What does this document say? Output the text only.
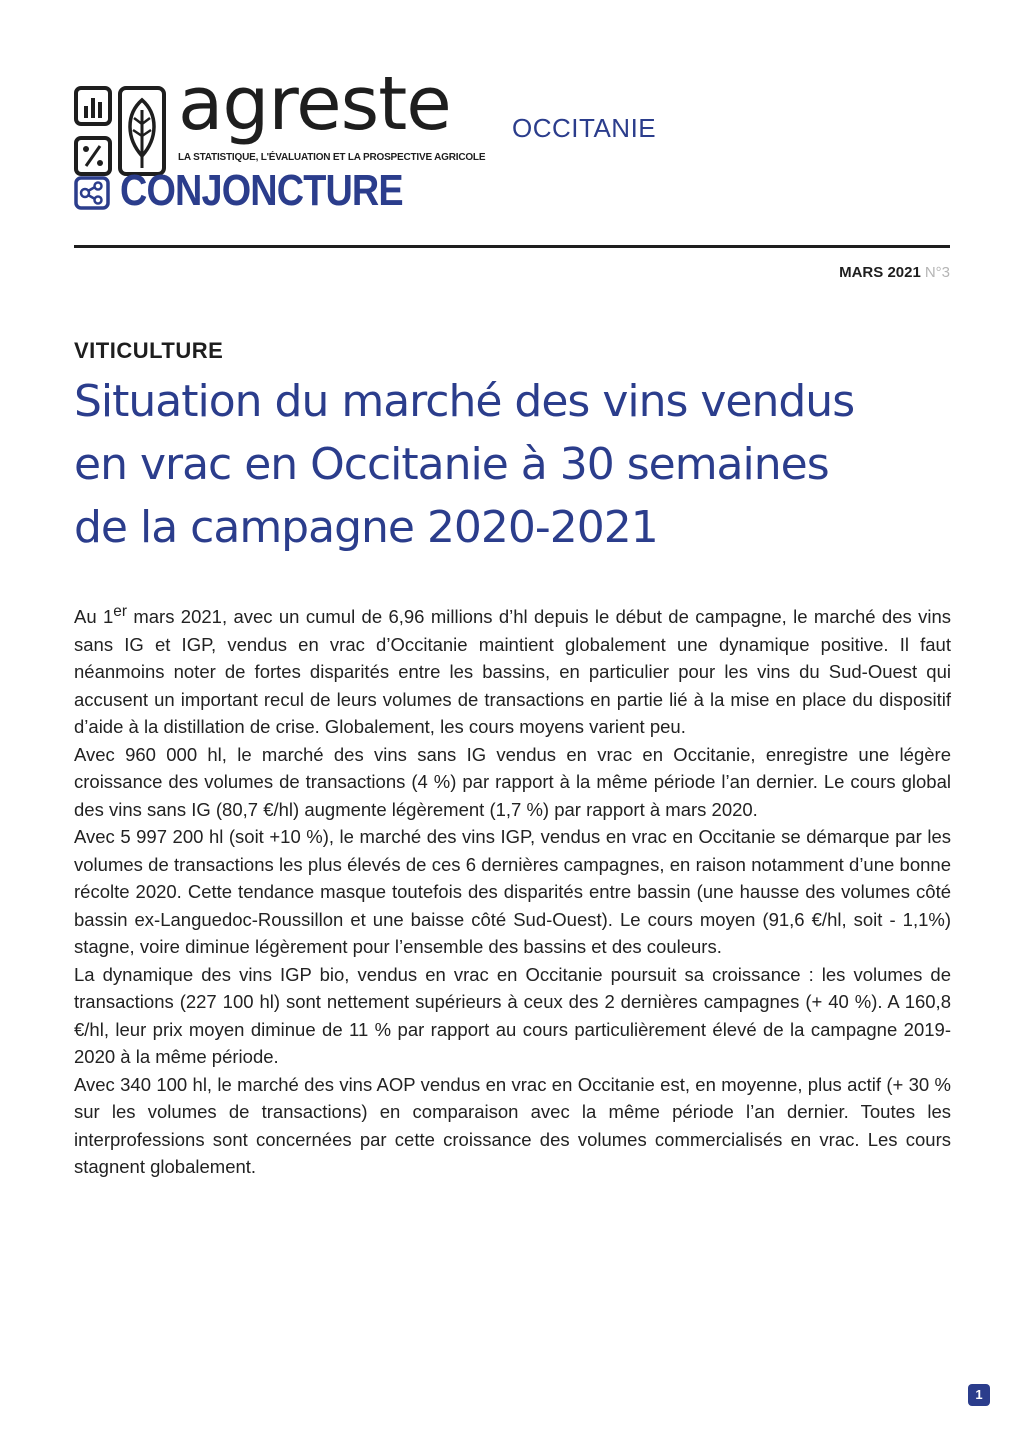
agreste
LA STATISTIQUE, L'ÉVALUATION ET LA PROSPECTIVE AGRICOLE
OCCITANIE
CONJONCTURE
MARS 2021 N°3
VITICULTURE
Situation du marché des vins vendus
en vrac en Occitanie à 30 semaines
de la campagne 2020-2021

Au 1er mars 2021, avec un cumul de 6,96 millions d’hl depuis le début de campagne, le marché des vins sans IG et IGP, vendus en vrac d’Occitanie maintient globalement une dynamique positive. Il faut néanmoins noter de fortes disparités entre les bassins, en particulier pour les vins du Sud-Ouest qui accusent un important recul de leurs volumes de transactions en partie lié à la mise en place du dispositif d’aide à la distillation de crise. Globalement, les cours moyens varient peu.

Avec 960 000 hl, le marché des vins sans IG vendus en vrac en Occitanie, enregistre une légère croissance des volumes de transactions (4 %) par rapport à la même période l’an dernier. Le cours global des vins sans IG (80,7 €/hl) augmente légèrement (1,7 %) par rapport à mars 2020.

Avec 5 997 200 hl (soit +10 %), le marché des vins IGP, vendus en vrac en Occitanie se démarque par les volumes de transactions les plus élevés de ces 6 dernières campagnes, en raison notamment d’une bonne récolte 2020. Cette tendance masque toutefois des disparités entre bassin (une hausse des volumes côté bassin ex-Languedoc-Roussillon et une baisse côté Sud-Ouest). Le cours moyen (91,6 €/hl, soit - 1,1%) stagne, voire diminue légèrement pour l’ensemble des bassins et des couleurs.

La dynamique des vins IGP bio, vendus en vrac en Occitanie poursuit sa croissance : les volumes de transactions (227 100 hl) sont nettement supérieurs à ceux des 2 dernières campagnes (+ 40 %). A 160,8 €/hl, leur prix moyen diminue de 11 % par rapport au cours particulièrement élevé de la campagne 2019-2020 à la même période.

Avec 340 100 hl, le marché des vins AOP vendus en vrac en Occitanie est, en moyenne, plus actif (+ 30 % sur les volumes de transactions) en comparaison avec la même période l’an dernier. Toutes les interprofessions sont concernées par cette croissance des volumes commercialisés en vrac. Les cours stagnent globalement.

1
